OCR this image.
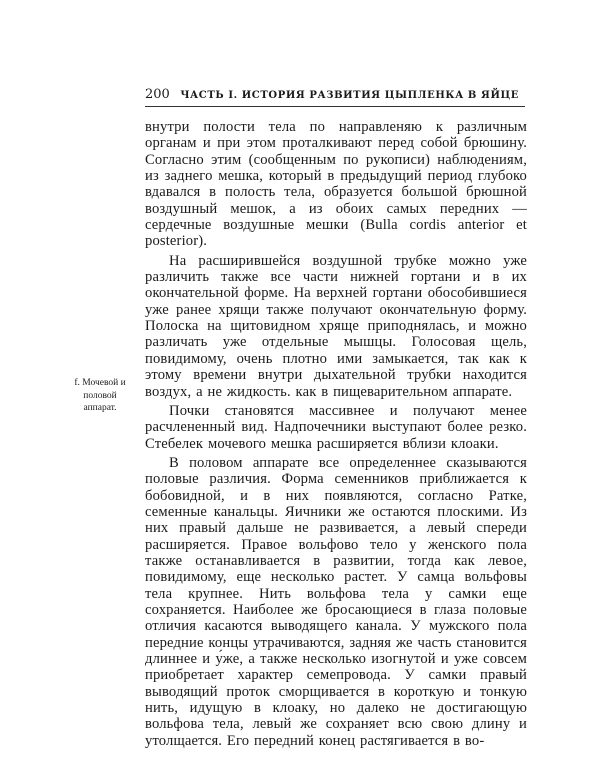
200 ЧАСТЬ I. ИСТОРИЯ РАЗВИТИЯ ЦЫПЛЕНКА В ЯЙЦЕ
f. Мочевой и
половой
аппарат.

внутри полости тела по направленяю к различным органам и при этом проталкивают перед собой брюшину. Согласно этим (сообщенным по рукописи) наблюдениям, из заднего мешка, который в предыдущий период глубоко вдавался в полость тела, образуется большой брюшной воздушный мешок, а из обоих самых передних — сердечные воздушные мешки (Bulla cordis anterior et posterior).

На расширившейся воздушной трубке можно уже различить также все части нижней гортани и в их окончательной форме. На верхней гортани обособившиеся уже ранее хрящи также получают окончательную форму. Полоска на щитовидном хряще приподнялась, и можно различать уже отдельные мышцы. Голосовая щель, повидимому, очень плотно ими замыкается, так как к этому времени внутри дыхательной трубки находится воздух, а не жидкость. как в пищеварительном аппарате.

Почки становятся массивнее и получают менее расчлененный вид. Надпочечники выступают более резко. Стебелек мочевого мешка расширяется вблизи клоаки.

В половом аппарате все определеннее сказываются половые различия. Форма семенников приближается к бобовидной, и в них появляются, согласно Ратке, семенные канальцы. Яичники же остаются плоскими. Из них правый дальше не развивается, а левый спереди расширяется. Правое вольфово тело у женского пола также останавливается в развитии, тогда как левое, повидимому, еще несколько растет. У самца вольфовы тела крупнее. Нить вольфова тела у самки еще сохраняется. Наиболее же бросающиеся в глаза половые отличия касаются выводящего канала. У мужского пола передние концы утрачиваются, задняя же часть становится длиннее и у́же, а также несколько изогнутой и уже совсем приобретает характер семепровода. У самки правый выводящий проток сморщивается в короткую и тонкую нить, идущую в клоаку, но далеко не достигающую вольфова тела, левый же сохраняет всю свою длину и утолщается. Его передний конец растягивается в во-
